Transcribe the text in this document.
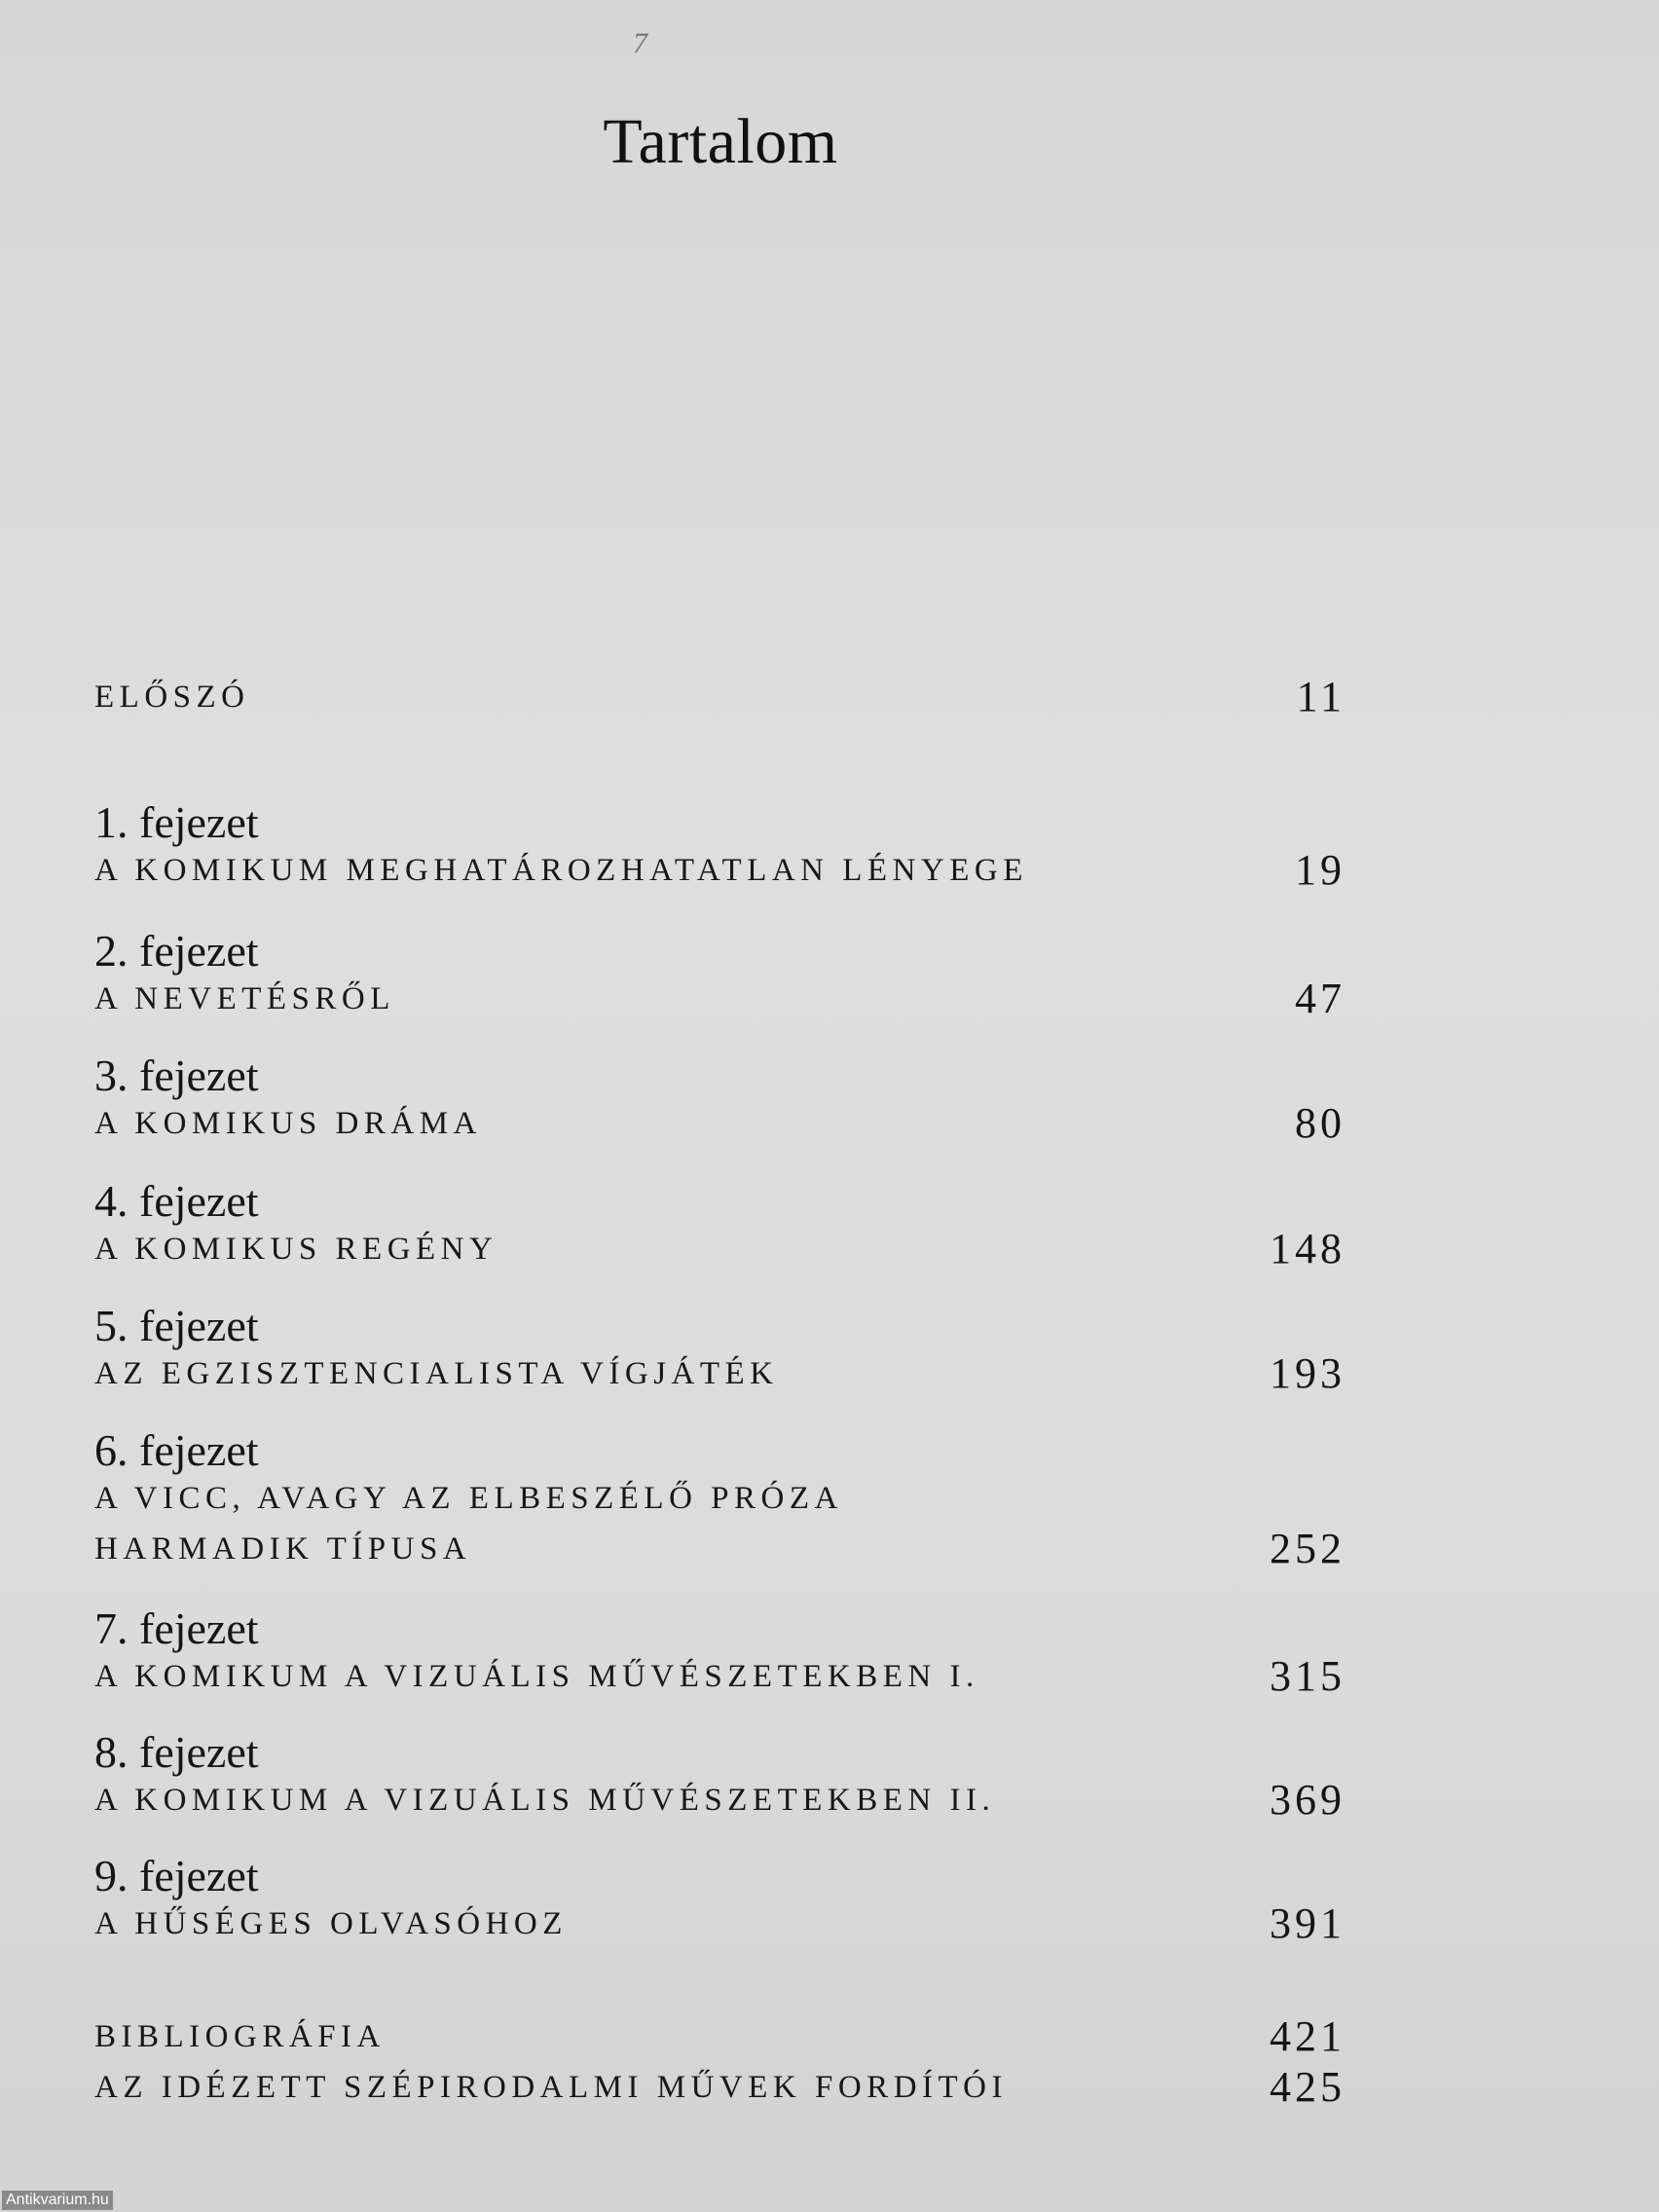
7
Tartalom
ELŐSZÓ	11
1. fejezet
A KOMIKUM MEGHATÁROZHATATLAN LÉNYEGE	19
2. fejezet
A NEVETÉSRŐL	47
3. fejezet
A KOMIKUS DRÁMA	80
4. fejezet
A KOMIKUS REGÉNY	148
5. fejezet
AZ EGZISZTENCIALISTA VÍGJÁTÉK	193
6. fejezet
A VICC, AVAGY AZ ELBESZÉLŐ PRÓZA
HARMADIK TÍPUSA	252
7. fejezet
A KOMIKUM A VIZUÁLIS MŰVÉSZETEKBEN I.	315
8. fejezet
A KOMIKUM A VIZUÁLIS MŰVÉSZETEKBEN II.	369
9. fejezet
A HŰSÉGES OLVASÓHOZ	391
BIBLIOGRÁFIA	421
AZ IDÉZETT SZÉPIRODALMI MŰVEK FORDÍTÓI	425
Antikvarium.hu
